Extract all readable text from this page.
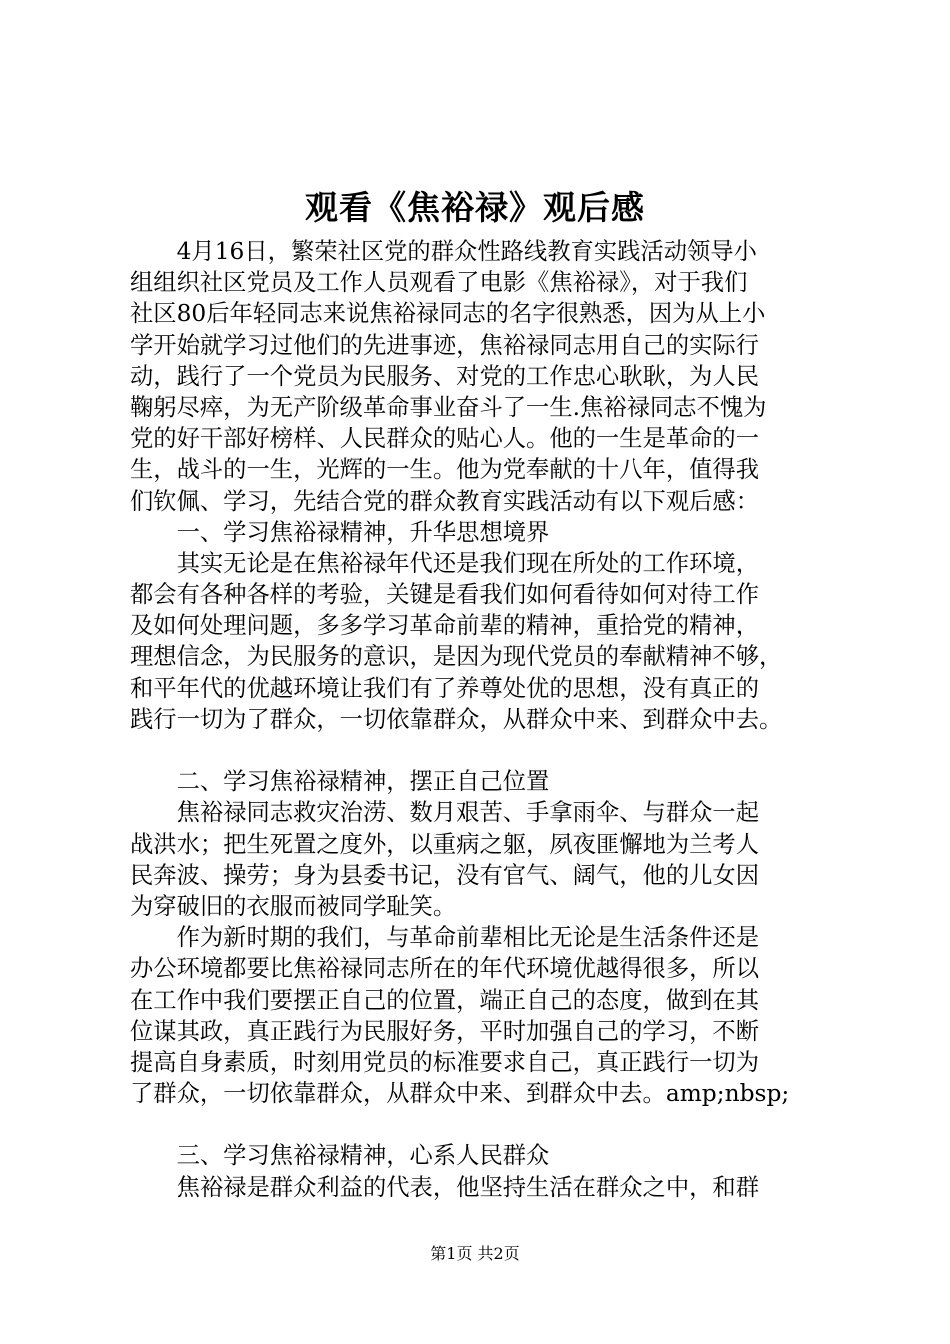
观看《焦裕禄》观后感
　　4月16日，繁荣社区党的群众性路线教育实践活动领导小
组组织社区党员及工作人员观看了电影《焦裕禄》，对于我们
社区80后年轻同志来说焦裕禄同志的名字很熟悉，因为从上小
学开始就学习过他们的先进事迹，焦裕禄同志用自己的实际行
动，践行了一个党员为民服务、对党的工作忠心耿耿，为人民
鞠躬尽瘁，为无产阶级革命事业奋斗了一生.焦裕禄同志不愧为
党的好干部好榜样、人民群众的贴心人。他的一生是革命的一
生，战斗的一生，光辉的一生。他为党奉献的十八年，值得我
们钦佩、学习，先结合党的群众教育实践活动有以下观后感：
　　一、学习焦裕禄精神，升华思想境界
　　其实无论是在焦裕禄年代还是我们现在所处的工作环境，
都会有各种各样的考验，关键是看我们如何看待如何对待工作
及如何处理问题，多多学习革命前辈的精神，重拾党的精神，
理想信念，为民服务的意识，是因为现代党员的奉献精神不够，
和平年代的优越环境让我们有了养尊处优的思想，没有真正的
践行一切为了群众，一切依靠群众，从群众中来、到群众中去。
　　二、学习焦裕禄精神，摆正自己位置
　　焦裕禄同志救灾治涝、数月艰苦、手拿雨伞、与群众一起
战洪水；把生死置之度外，以重病之躯，夙夜匪懈地为兰考人
民奔波、操劳；身为县委书记，没有官气、阔气，他的儿女因
为穿破旧的衣服而被同学耻笑。
　　作为新时期的我们，与革命前辈相比无论是生活条件还是
办公环境都要比焦裕禄同志所在的年代环境优越得很多，所以
在工作中我们要摆正自己的位置，端正自己的态度，做到在其
位谋其政，真正践行为民服好务，平时加强自己的学习，不断
提高自身素质，时刻用党员的标准要求自己，真正践行一切为
了群众，一切依靠群众，从群众中来、到群众中去。amp;nbsp;
　　三、学习焦裕禄精神，心系人民群众
　　焦裕禄是群众利益的代表，他坚持生活在群众之中，和群
第1页 共2页
